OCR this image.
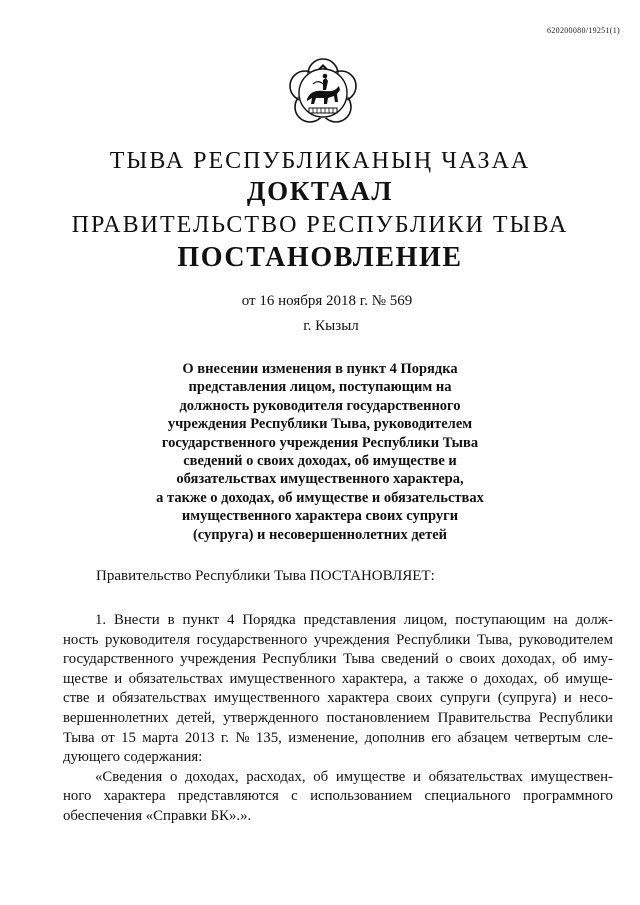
620200080/19251(1)
ТЫВА РЕСПУБЛИКАНЫҢ ЧАЗАА
ДОКТААЛ
ПРАВИТЕЛЬСТВО РЕСПУБЛИКИ ТЫВА
ПОСТАНОВЛЕНИЕ
от 16 ноября 2018 г. № 569
г. Кызыл
О внесении изменения в пункт 4 Порядка
представления лицом, поступающим на
должность руководителя государственного
учреждения Республики Тыва, руководителем
государственного учреждения Республики Тыва
сведений о своих доходах, об имуществе и
обязательствах имущественного характера,
а также о доходах, об имуществе и обязательствах
имущественного характера своих супруги
(супруга) и несовершеннолетних детей
Правительство Республики Тыва ПОСТАНОВЛЯЕТ:
1. Внести в пункт 4 Порядка представления лицом, поступающим на долж-
ность руководителя государственного учреждения Республики Тыва, руководителем
государственного учреждения Республики Тыва сведений о своих доходах, об иму-
ществе и обязательствах имущественного характера, а также о доходах, об имуще-
стве и обязательствах имущественного характера своих супруги (супруга) и несо-
вершеннолетних детей, утвержденного постановлением Правительства Республики
Тыва от 15 марта 2013 г. № 135, изменение, дополнив его абзацем четвертым сле-
дующего содержания:
«Сведения о доходах, расходах, об имуществе и обязательствах имуществен-
ного характера представляются с использованием специального программного
обеспечения «Справки БК».».
